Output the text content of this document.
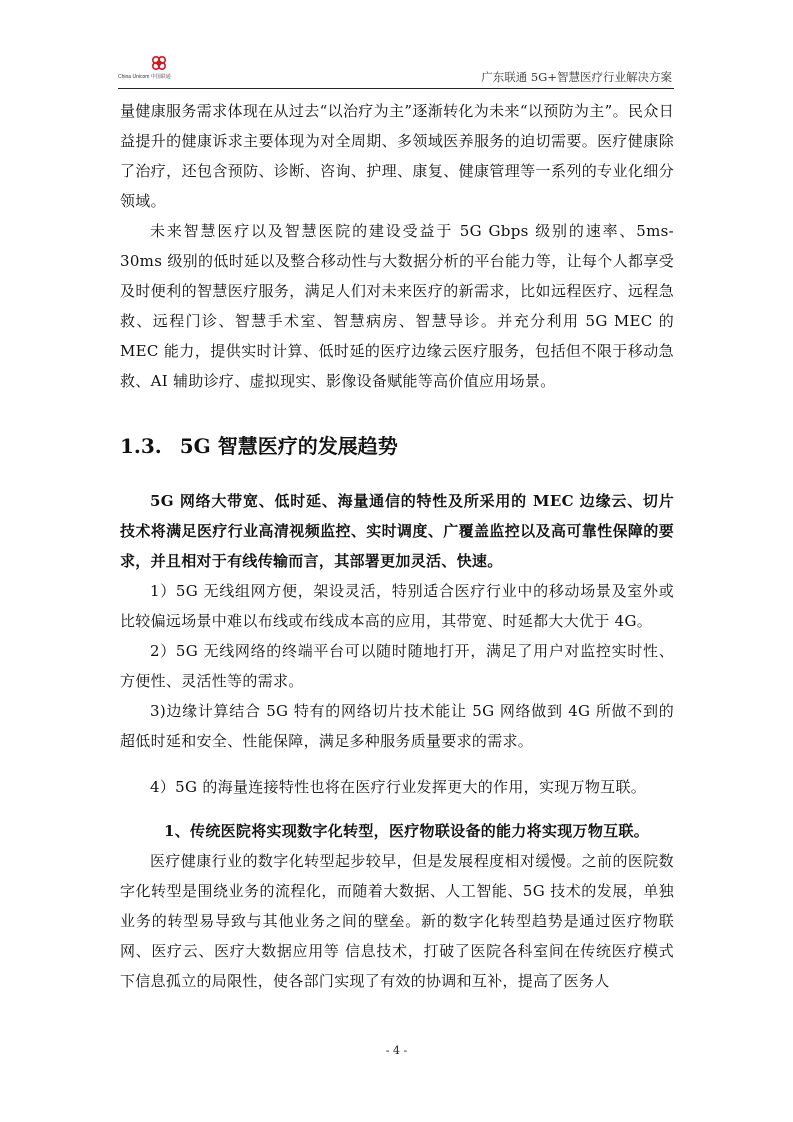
China Unicom 中国联通	广东联通 5G+智慧医疗行业解决方案

量健康服务需求体现在从过去“以治疗为主”逐渐转化为未来“以预防为主”。民众日益提升的健康诉求主要体现为对全周期、多领域医养服务的迫切需要。医疗健康除了治疗，还包含预防、诊断、咨询、护理、康复、健康管理等一系列的专业化细分领域。

未来智慧医疗以及智慧医院的建设受益于 5G Gbps 级别的速率、5ms-30ms 级别的低时延以及整合移动性与大数据分析的平台能力等，让每个人都享受及时便利的智慧医疗服务，满足人们对未来医疗的新需求，比如远程医疗、远程急救、远程门诊、智慧手术室、智慧病房、智慧导诊。并充分利用 5G MEC 的 MEC 能力，提供实时计算、低时延的医疗边缘云医疗服务，包括但不限于移动急救、AI 辅助诊疗、虚拟现实、影像设备赋能等高价值应用场景。

1.3. 5G 智慧医疗的发展趋势

5G 网络大带宽、低时延、海量通信的特性及所采用的 MEC 边缘云、切片技术将满足医疗行业高清视频监控、实时调度、广覆盖监控以及高可靠性保障的要求，并且相对于有线传输而言，其部署更加灵活、快速。

1）5G 无线组网方便，架设灵活，特别适合医疗行业中的移动场景及室外或比较偏远场景中难以布线或布线成本高的应用，其带宽、时延都大大优于 4G。

2）5G 无线网络的终端平台可以随时随地打开，满足了用户对监控实时性、方便性、灵活性等的需求。

3)边缘计算结合 5G 特有的网络切片技术能让 5G 网络做到 4G 所做不到的超低时延和安全、性能保障，满足多种服务质量要求的需求。

4）5G 的海量连接特性也将在医疗行业发挥更大的作用，实现万物互联。

1、传统医院将实现数字化转型，医疗物联设备的能力将实现万物互联。

医疗健康行业的数字化转型起步较早，但是发展程度相对缓慢。之前的医院数字化转型是围绕业务的流程化，而随着大数据、人工智能、5G 技术的发展，单独业务的转型易导致与其他业务之间的壁垒。新的数字化转型趋势是通过医疗物联网、医疗云、医疗大数据应用等 信息技术，打破了医院各科室间在传统医疗模式下信息孤立的局限性，使各部门实现了有效的协调和互补，提高了医务人

- 4 -
